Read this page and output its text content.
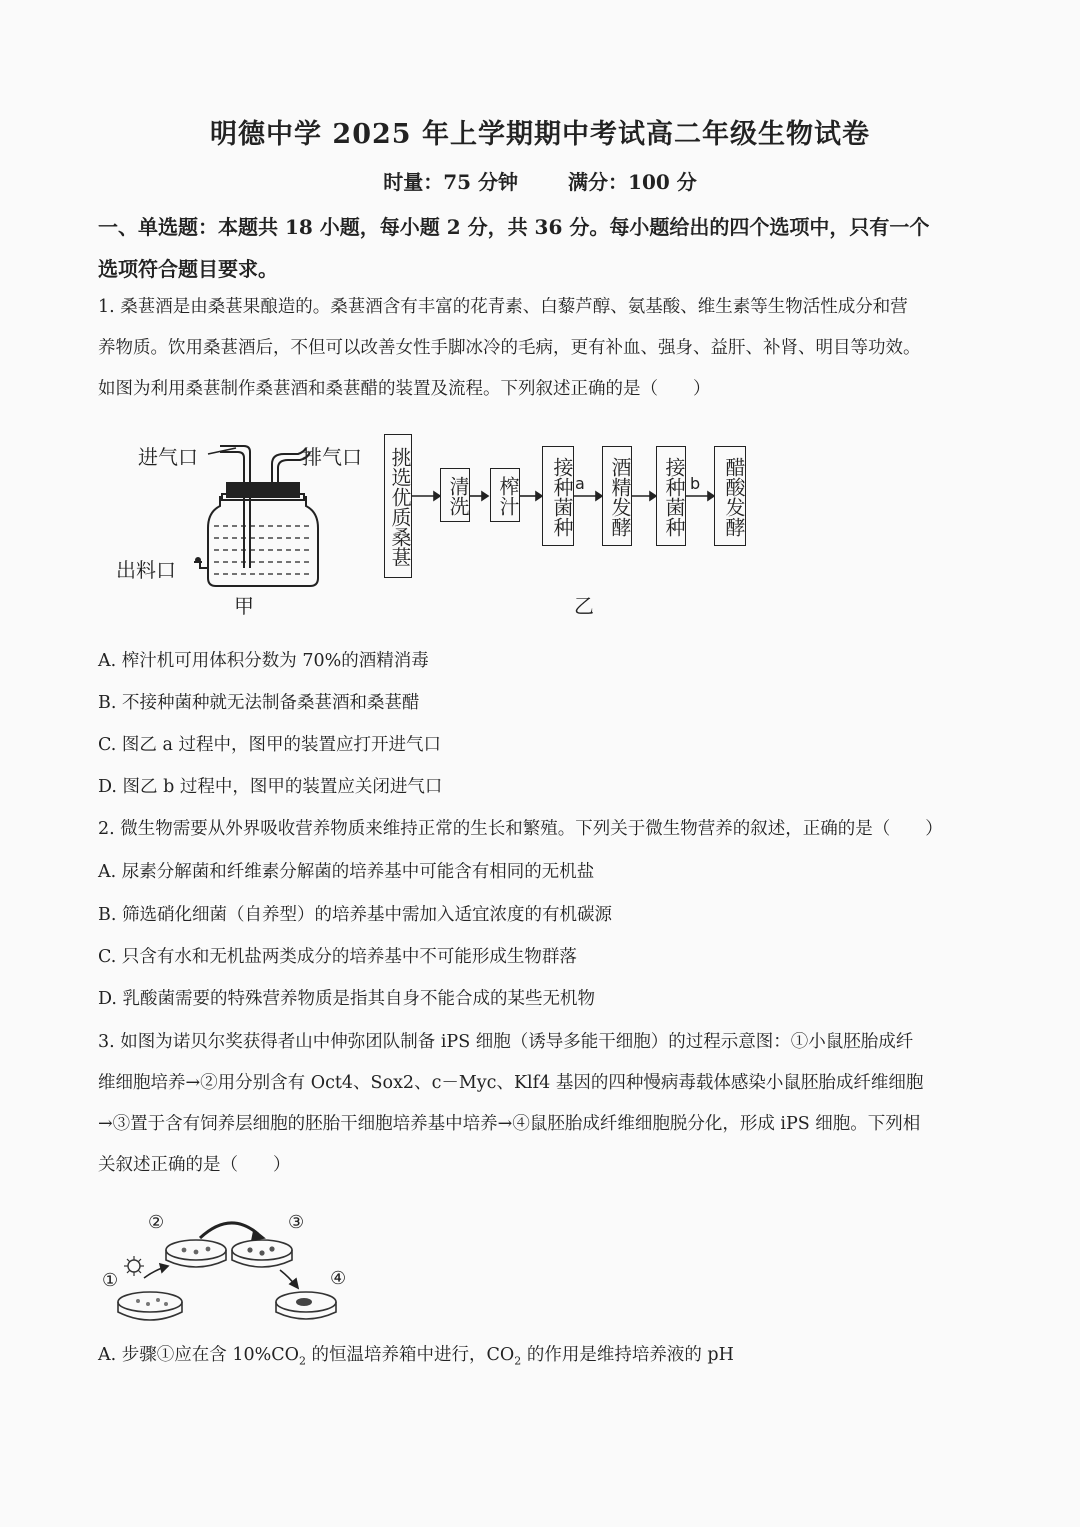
明德中学 2025 年上学期期中考试高二年级生物试卷
时量：75 分钟	满分：100 分
一、单选题：本题共 18 小题，每小题 2 分，共 36 分。每小题给出的四个选项中，只有一个
选项符合题目要求。
1. 桑葚酒是由桑葚果酿造的。桑葚酒含有丰富的花青素、白藜芦醇、氨基酸、维生素等生物活性成分和营
养物质。饮用桑葚酒后，不但可以改善女性手脚冰冷的毛病，更有补血、强身、益肝、补肾、明目等功效。
如图为利用桑葚制作桑葚酒和桑葚醋的装置及流程。下列叙述正确的是（　　）
进气口	排气口
出料口
甲	乙
挑选优质桑葚	清洗	榨汁	接种菌种	酒精发酵	接种菌种	醋酸发酵
a	b
A. 榨汁机可用体积分数为 70%的酒精消毒
B. 不接种菌种就无法制备桑葚酒和桑葚醋
C. 图乙 a 过程中，图甲的装置应打开进气口
D. 图乙 b 过程中，图甲的装置应关闭进气口
2. 微生物需要从外界吸收营养物质来维持正常的生长和繁殖。下列关于微生物营养的叙述，正确的是（　　）
A. 尿素分解菌和纤维素分解菌的培养基中可能含有相同的无机盐
B. 筛选硝化细菌（自养型）的培养基中需加入适宜浓度的有机碳源
C. 只含有水和无机盐两类成分的培养基中不可能形成生物群落
D. 乳酸菌需要的特殊营养物质是指其自身不能合成的某些无机物
3. 如图为诺贝尔奖获得者山中伸弥团队制备 iPS 细胞（诱导多能干细胞）的过程示意图：①小鼠胚胎成纤
维细胞培养→②用分别含有 Oct4、Sox2、c－Myc、Klf4 基因的四种慢病毒载体感染小鼠胚胎成纤维细胞
→③置于含有饲养层细胞的胚胎干细胞培养基中培养→④鼠胚胎成纤维细胞脱分化，形成 iPS 细胞。下列相
关叙述正确的是（　　）
①
②	③
④
A. 步骤①应在含 $10\%CO_2$ 的恒温培养箱中进行，$CO_2$ 的作用是维持培养液的 pH
